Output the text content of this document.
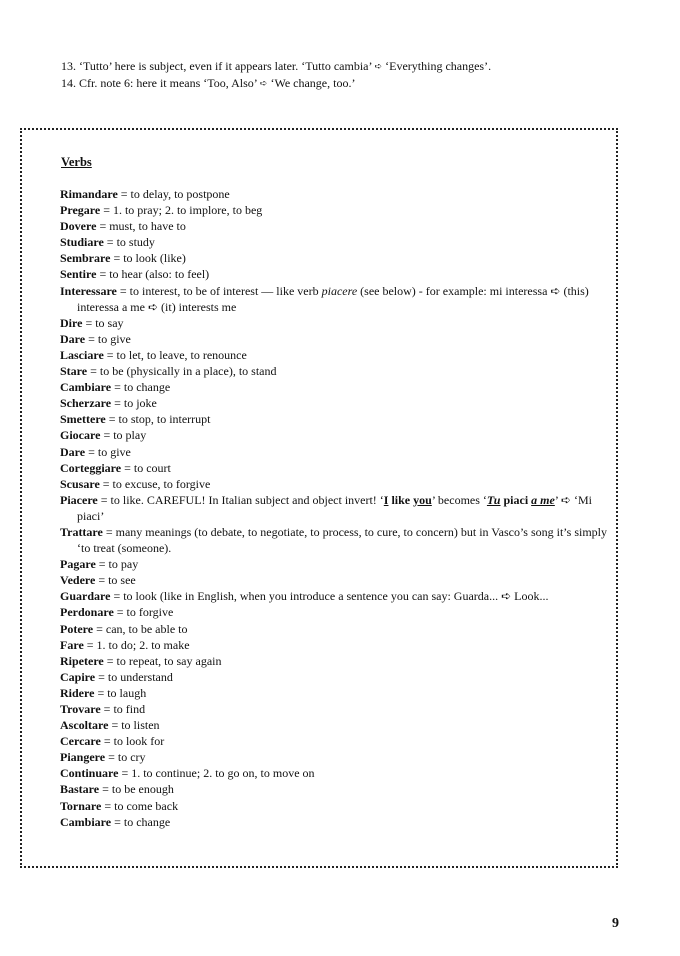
13. ‘Tutto’ here is subject, even if it appears later. ‘Tutto cambia’ ➪ ‘Everything changes’.
14. Cfr. note 6: here it means ‘Too, Also’ ➪ ‘We change, too.’
Verbs
Rimandare = to delay, to postpone
Pregare = 1. to pray; 2. to implore, to beg
Dovere = must, to have to
Studiare = to study
Sembrare = to look (like)
Sentire = to hear (also: to feel)
Interessare = to interest, to be of interest — like verb piacere (see below) - for example: mi interessa ➪ (this) interessa a me ➪ (it) interests me
Dire = to say
Dare = to give
Lasciare = to let, to leave, to renounce
Stare = to be (physically in a place), to stand
Cambiare = to change
Scherzare = to joke
Smettere = to stop, to interrupt
Giocare = to play
Dare = to give
Corteggiare = to court
Scusare = to excuse, to forgive
Piacere = to like. CAREFUL! In Italian subject and object invert! ‘I like you’ becomes ‘Tu piaci a me’ ➪ ‘Mi piaci’
Trattare = many meanings (to debate, to negotiate, to process, to cure, to concern) but in Vasco’s song it’s simply ‘to treat (someone).
Pagare = to pay
Vedere = to see
Guardare = to look (like in English, when you introduce a sentence you can say: Guarda... ➪ Look...
Perdonare = to forgive
Potere = can, to be able to
Fare = 1. to do; 2. to make
Ripetere = to repeat, to say again
Capire = to understand
Ridere = to laugh
Trovare = to find
Ascoltare = to listen
Cercare = to look for
Piangere = to cry
Continuare = 1. to continue; 2. to go on, to move on
Bastare = to be enough
Tornare = to come back
Cambiare = to change
9
